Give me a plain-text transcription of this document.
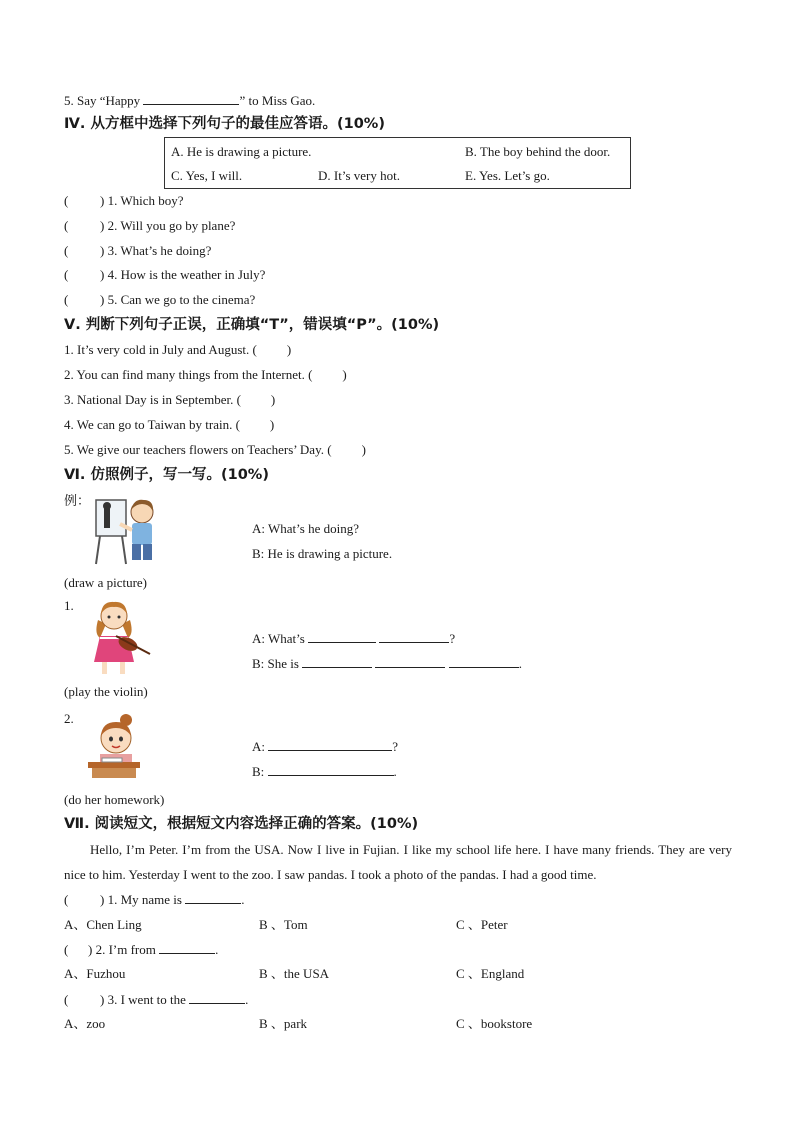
5. Say “Happy	” to Miss Gao.
Ⅳ. 从方框中选择下列句子的最佳应答语。(10%)
A. He is drawing a picture.	B. The boy behind the door.
C. Yes, I will.	D. It’s very hot.	E. Yes. Let’s go.
( ) 1. Which boy?
( ) 2. Will you go by plane?
( ) 3. What’s he doing?
( ) 4. How is the weather in July?
( ) 5. Can we go to the cinema?
Ⅴ. 判断下列句子正误，正确填“T”，错误填“P”。(10%)
1. It’s very cold in July and August. ( )
2. You can find many things from the Internet. ( )
3. National Day is in September. ( )
4. We can go to Taiwan by train. ( )
5. We give our teachers flowers on Teachers’ Day. ( )
Ⅵ. 仿照例子，写一写。(10%)
例：
A: What’s he doing?
B: He is drawing a picture.
(draw a picture)
1.
A: What’s	?
B: She is	.
(play the violin)
2.
A:	?
B:	.
(do her homework)
Ⅶ. 阅读短文，根据短文内容选择正确的答案。(10%)
Hello, I’m Peter. I’m from the USA. Now I live in Fujian. I like my school life here. I have many friends. They are very nice to him. Yesterday I went to the zoo. I saw pandas. I took a photo of the pandas. I had a good time.
( ) 1. My name is	.
A、Chen Ling	B 、Tom	C 、Peter
( ) 2. I’m from	.
A、Fuzhou	B 、the USA	C 、England
( ) 3. I went to the	.
A、zoo	B 、park	C 、bookstore
